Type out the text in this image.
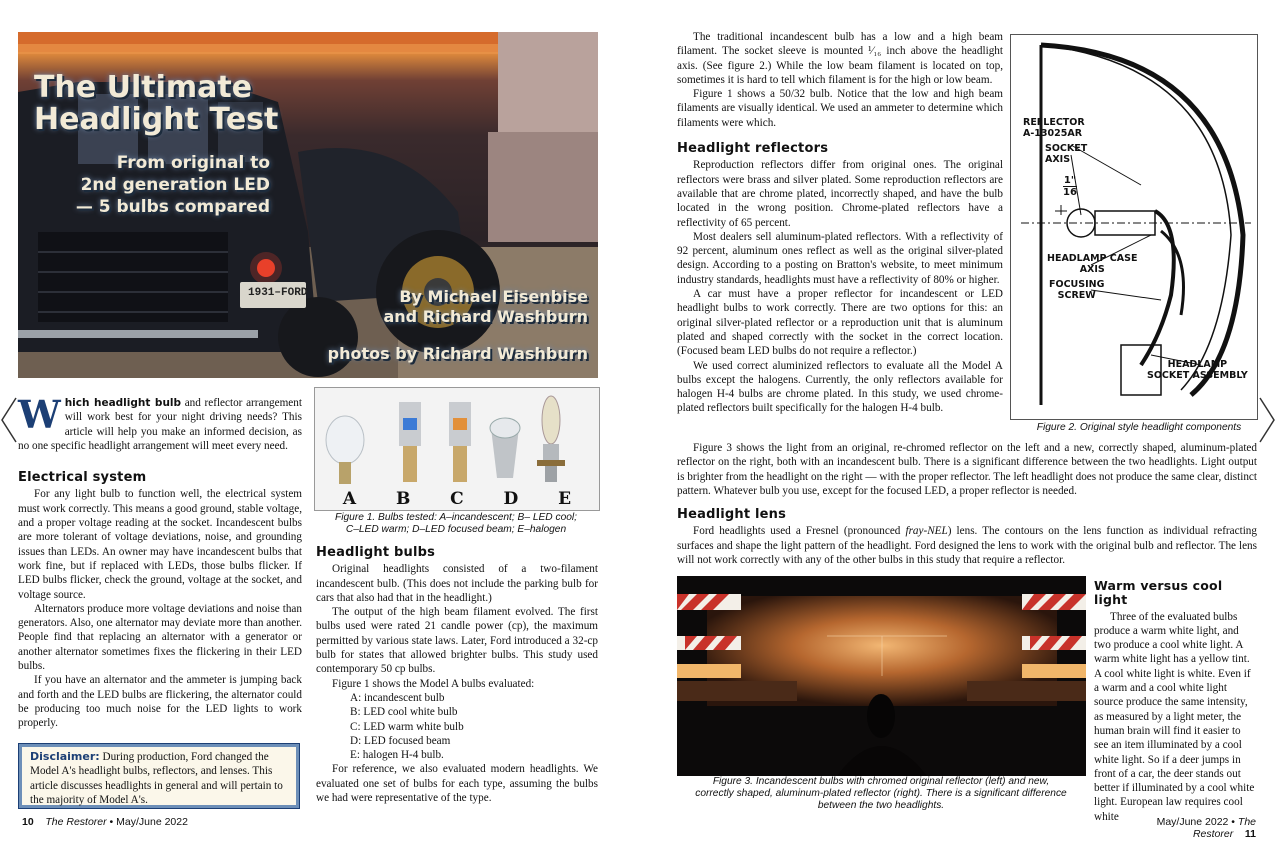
The Ultimate
Headlight Test
From original to
2nd generation LED
— 5 bulbs compared
1931–FORD	By Michael Eisenbise
and Richard Washburn
photos by Richard Washburn

Which headlight bulb and reflector arrangement will work best for your night driving needs? This article will help you make an informed decision, as no one specific headlight arrangement will meet every need.

Electrical system

For any light bulb to function well, the electrical system must work correctly. This means a good ground, stable voltage, and a proper voltage reading at the socket. Incandescent bulbs are more tolerant of voltage deviations, noise, and grounding issues than LEDs. An owner may have incandescent bulbs that work fine, but if replaced with LEDs, those bulbs flicker. If LED bulbs flicker, check the ground, voltage at the socket, and voltage source.

Alternators produce more voltage deviations and noise than generators. Also, one alternator may deviate more than another. People find that replacing an alternator with a generator or another alternator sometimes fixes the flickering in their LED bulbs.

If you have an alternator and the ammeter is jumping back and forth and the LED bulbs are flickering, the alternator could be producing too much noise for the LED lights to work properly.

Disclaimer: During production, Ford changed the Model A's headlight bulbs, reflectors, and lenses. This article discusses headlights in general and will pertain to the majority of Model A's.
A B C D E
Figure 1. Bulbs tested: A–incandescent; B– LED cool; C–LED warm; D–LED focused beam; E–halogen
Headlight bulbs

Original headlights consisted of a two-filament incandescent bulb. (This does not include the parking bulb for cars that also had that in the headlight.)

The output of the high beam filament evolved. The first bulbs used were rated 21 candle power (cp), the maximum permitted by various state laws. Later, Ford introduced a 32-cp bulb for states that allowed brighter bulbs. This study used contemporary 50 cp bulbs.

Figure 1 shows the Model A bulbs evaluated:

A: incandescent bulb
B: LED cool white bulb
C: LED warm white bulb
D: LED focused beam
E: halogen H-4 bulb.

For reference, we also evaluated modern headlights. We evaluated one set of bulbs for each type, assuming the bulbs we had were representative of the type.

10 The Restorer • May/June 2022

The traditional incandescent bulb has a low and a high beam filament. The socket sleeve is mounted ¹⁄₁₆ inch above the headlight axis. (See figure 2.) While the low beam filament is located on top, sometimes it is hard to tell which filament is for the high or low beam.

Figure 1 shows a 50/32 bulb. Notice that the low and high beam filaments are visually identical. We used an ammeter to determine which filaments were which.

Headlight reflectors

Reproduction reflectors differ from original ones. The original reflectors were brass and silver plated. Some reproduction reflectors are available that are chrome plated, incorrectly shaped, and have the bulb located in the wrong position. Chrome-plated reflectors have a reflectivity of 65 percent.

Most dealers sell aluminum-plated reflectors. With a reflectivity of 92 percent, aluminum ones reflect as well as the original silver-plated design. According to a posting on Bratton's website, to meet minimum industry standards, headlights must have a reflectivity of 80% or higher.

A car must have a proper reflector for incandescent or LED headlight bulbs to work correctly. There are two options for this: an original silver-plated reflector or a reproduction unit that is aluminum plated and shaped correctly with the socket in the correct location. (Focused beam LED bulbs do not require a reflector.)

We used correct aluminized reflectors to evaluate all the Model A bulbs except the halogens. Currently, the only reflectors available for halogen H-4 bulbs are chrome plated. In this study, we used chrome-plated reflectors built specifically for the halogen H-4 bulb.

REFLECTOR
A-13025AR
SOCKET
AXIS
$\frac{1"}{16}$
HEADLAMP CASE
AXIS
FOCUSING
SCREW
HEADLAMP
SOCKET ASSEMBLY
Figure 2. Original style headlight components

Figure 3 shows the light from an original, re-chromed reflector on the left and a new, correctly shaped, aluminum-plated reflector on the right, both with an incandescent bulb. There is a significant difference between the two headlights. Light output is brighter from the headlight on the right — with the proper reflector. The left headlight does not produce the same clear, distinct pattern. Whatever bulb you use, except for the focused LED, a proper reflector is needed.

Headlight lens

Ford headlights used a Fresnel (pronounced fray-NEL) lens. The contours on the lens function as individual refracting surfaces and shape the light pattern of the headlight. Ford designed the lens to work with the original bulb and reflector. The lens will not work correctly with any of the other bulbs in this study that require a reflector.

Figure 3. Incandescent bulbs with chromed original reflector (left) and new, correctly shaped, aluminum-plated reflector (right). There is a significant difference between the two headlights.
Warm versus cool light

Three of the evaluated bulbs produce a warm white light, and two produce a cool white light. A warm white light has a yellow tint. A cool white light is white. Even if a warm and a cool white light source produce the same intensity, as measured by a light meter, the human brain will find it easier to see an item illuminated by a cool white light. So if a deer jumps in front of a car, the deer stands out better if illuminated by a cool white light. European law requires cool white	May/June 2022 • The Restorer 11
